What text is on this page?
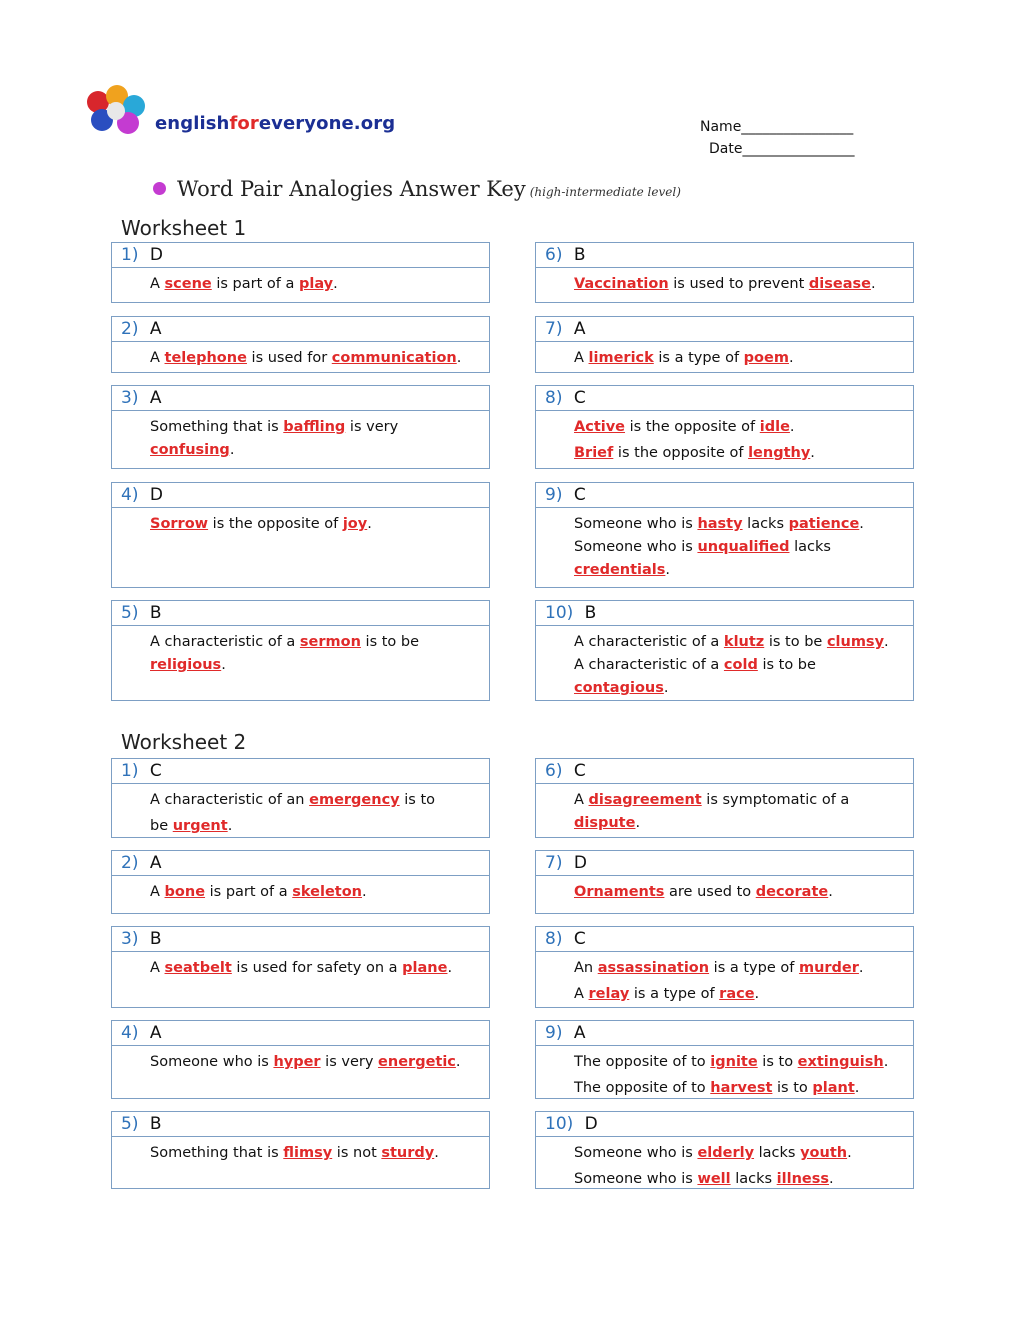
englishforeveryone.org	Name________________
Date________________
Word Pair Analogies Answer Key (high-intermediate level)
Worksheet 1
Worksheet 2
1) D
A scene is part of a play.
2) A
A telephone is used for communication.
3) A
Something that is baffling is very confusing.
4) D
Sorrow is the opposite of joy.
5) B
A characteristic of a sermon is to be
religious.
6) B
Vaccination is used to prevent disease.
7) A
A limerick is a type of poem.
8) C
Active is the opposite of idle.
Brief is the opposite of lengthy.
9) C
Someone who is hasty lacks patience.
Someone who is unqualified lacks
credentials.
10) B
A characteristic of a klutz is to be clumsy.
A characteristic of a cold is to be
contagious.
1) C
A characteristic of an emergency is to
be urgent.
2) A
A bone is part of a skeleton.
3) B
A seatbelt is used for safety on a plane.
4) A
Someone who is hyper is very energetic.
5) B
Something that is flimsy is not sturdy.
6) C
A disagreement is symptomatic of a
dispute.
7) D
Ornaments are used to decorate.
8) C
An assassination is a type of murder.
A relay is a type of race.
9) A
The opposite of to ignite is to extinguish.
The opposite of to harvest is to plant.
10) D
Someone who is elderly lacks youth.
Someone who is well lacks illness.
